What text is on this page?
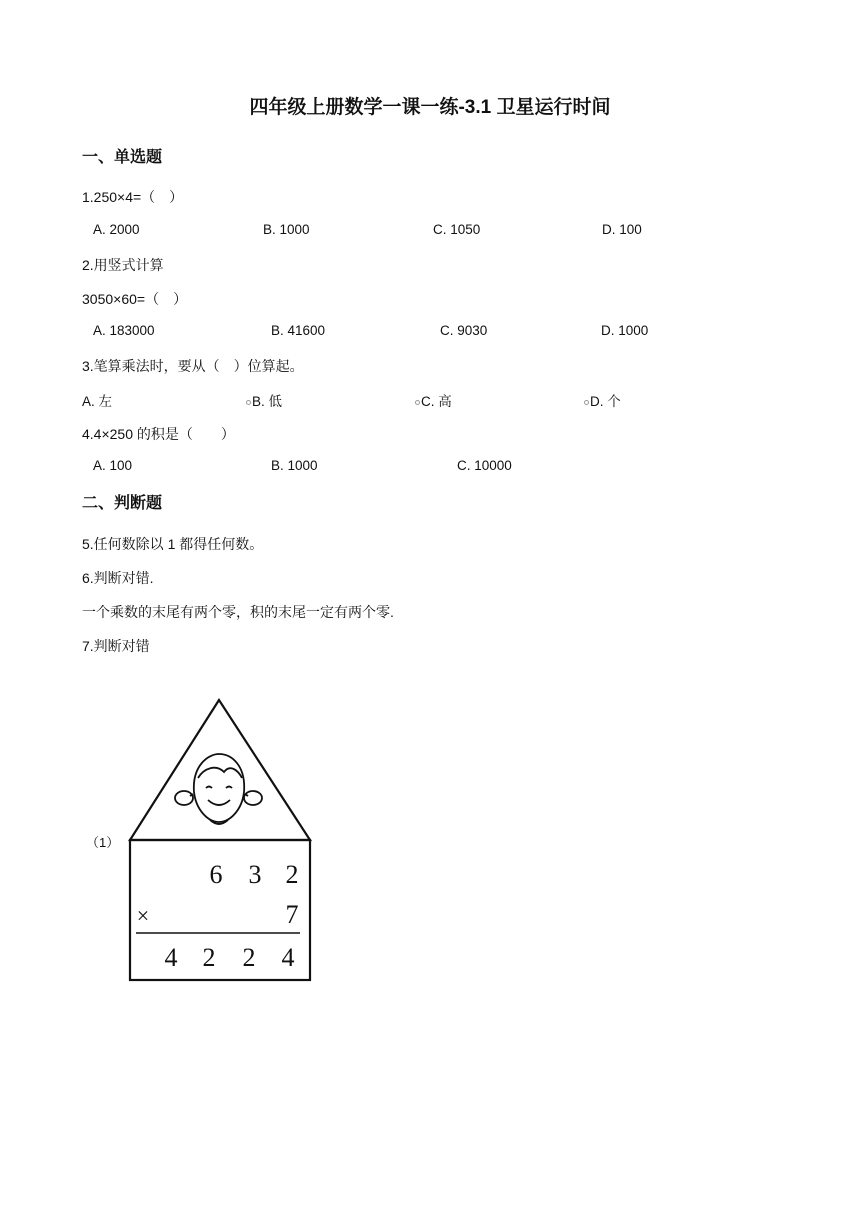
四年级上册数学一课一练-3.1 卫星运行时间
一、单选题
1.250×4=（　）
A. 2000	B. 1000	C. 1050	D. 100
2.用竖式计算
3050×60=（　）
A. 183000	B. 41600	C. 9030	D. 1000
3.笔算乘法时，要从（　）位算起。
A. 左	B. 低	C. 高	D. 个
4.4×250 的积是（　　）
A. 100	B. 1000	C. 10000
二、判断题
5.任何数除以 1 都得任何数。
6.判断对错.
一个乘数的末尾有两个零，积的末尾一定有两个零.
7.判断对错
（1）
6 3 2
×	7
4 2 2 4
